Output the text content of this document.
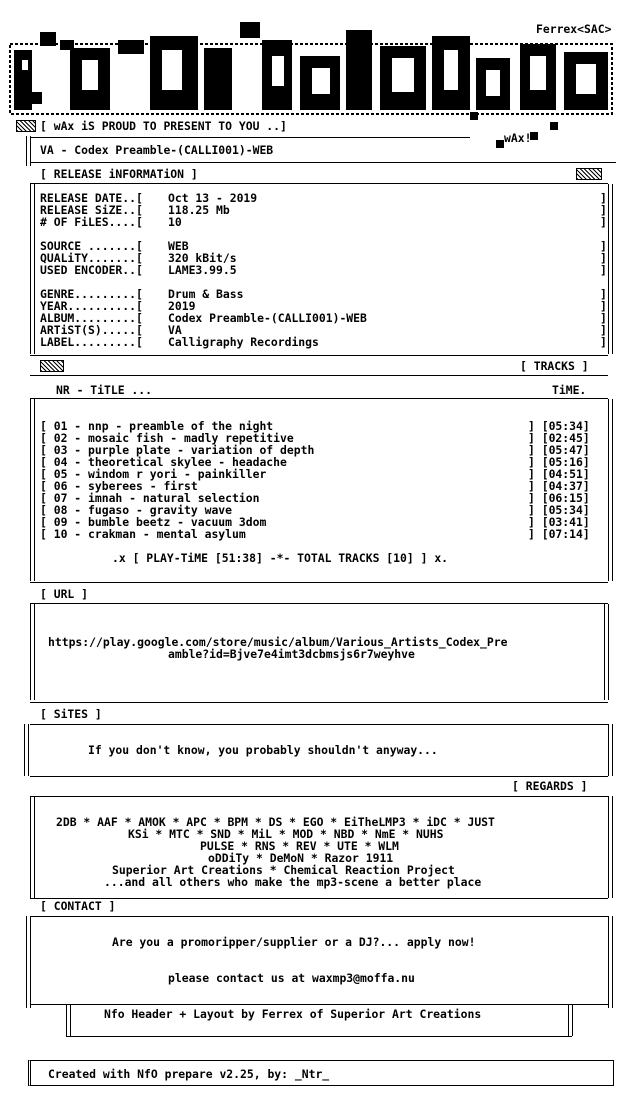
Ferrex<SAC>
wAx!
[ wAx iS PROUD TO PRESENT TO YOU ..]
VA - Codex Preamble-(CALLI001)-WEB
[ RELEASE iNFORMATiON ]
RELEASE DATE..[ Oct 13 - 2019
RELEASE SiZE..[ 118.25 Mb
# OF FiLES....[ 10
SOURCE .......[ WEB
QUALiTY.......[ 320 kBit/s
USED ENCODER..[ LAME3.99.5
GENRE.........[ Drum & Bass
YEAR..........[ 2019
ALBUM.........[ Codex Preamble-(CALLI001)-WEB
ARTiST(S).....[ VA
LABEL.........[ Calligraphy Recordings
]
]
]
]
]
]
]
]
]
]
]
[ TRACKS ]
NR - TiTLE ...	TiME.
[ 01 - nnp - preamble of the night	] [05:34]
[ 02 - mosaic fish - madly repetitive	] [02:45]
[ 03 - purple plate - variation of depth	] [05:47]
[ 04 - theoretical skylee - headache	] [05:16]
[ 05 - windom r yori - painkiller	] [04:51]
[ 06 - syberees - first	] [04:37]
[ 07 - imnah - natural selection	] [06:15]
[ 08 - fugaso - gravity wave	] [05:34]
[ 09 - bumble beetz - vacuum 3dom	] [03:41]
[ 10 - crakman - mental asylum	] [07:14]
.x [ PLAY-TiME [51:38] -*- TOTAL TRACKS [10] ] x.
[ URL ]
https://play.google.com/store/music/album/Various_Artists_Codex_Pre
amble?id=Bjve7e4imt3dcbmsjs6r7weyhve
[ SiTES ]
If you don't know, you probably shouldn't anyway...
[ REGARDS ]
2DB * AAF * AMOK * APC * BPM * DS * EGO * EiTheLMP3 * iDC * JUST
KSi * MTC * SND * MiL * MOD * NBD * NmE * NUHS
PULSE * RNS * REV * UTE * WLM
oDDiTy * DeMoN * Razor 1911
Superior Art Creations * Chemical Reaction Project
...and all others who make the mp3-scene a better place
[ CONTACT ]
Are you a promoripper/supplier or a DJ?... apply now!
please contact us at waxmp3@moffa.nu
Nfo Header + Layout by Ferrex of Superior Art Creations
Created with NfO prepare v2.25, by: _Ntr_
